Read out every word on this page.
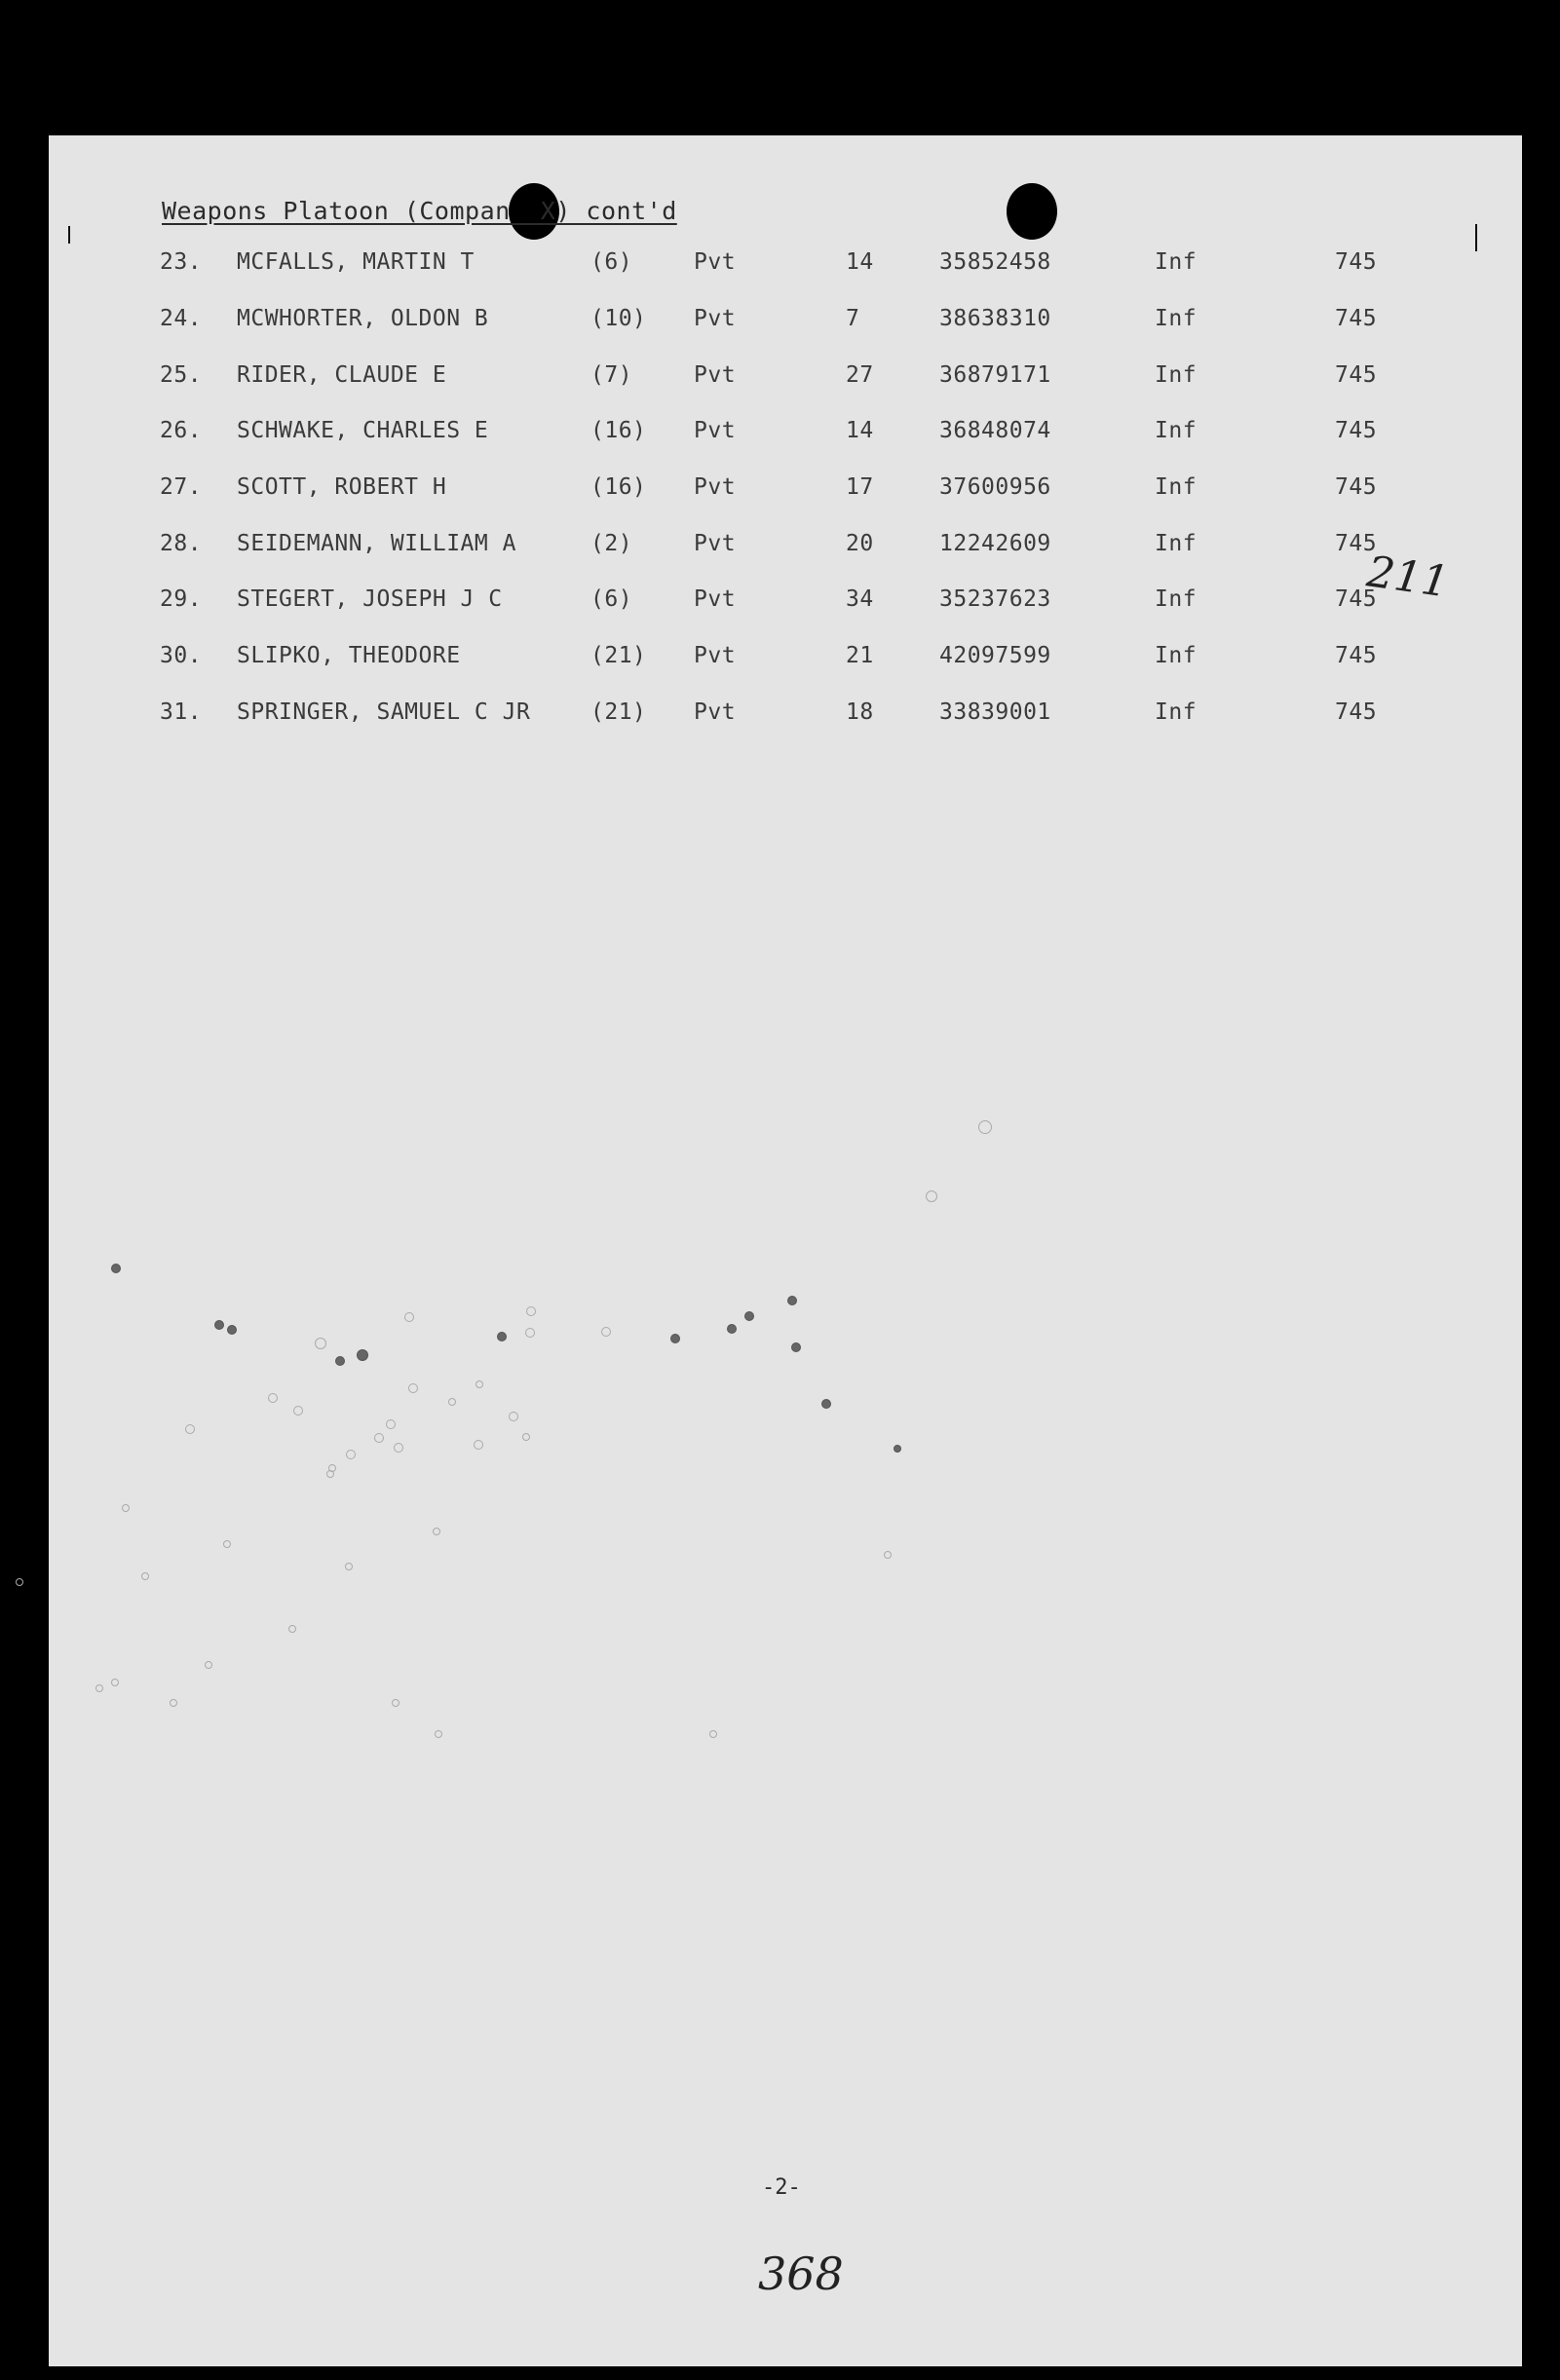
Weapons Platoon (Compan  X) cont'd
23. MCFALLS, MARTIN T	(6)	Pvt	14	35852458	Inf	745
24. MCWHORTER, OLDON B	(10) Pvt	7	38638310	Inf	745
25. RIDER, CLAUDE E	(7)	Pvt	27	36879171	Inf	745
26. SCHWAKE, CHARLES E	(16) Pvt	14	36848074	Inf	745
27. SCOTT, ROBERT H	(16) Pvt	17	37600956	Inf	745
28. SEIDEMANN, WILLIAM A	(2)	Pvt	20	12242609	Inf	745
29. STEGERT, JOSEPH J C	(6)	Pvt	34	35237623	Inf	745
30. SLIPKO, THEODORE	(21) Pvt	21	42097599	Inf	745
31. SPRINGER, SAMUEL C JR	(21) Pvt	18	33839001	Inf	745
211
-2-
368
